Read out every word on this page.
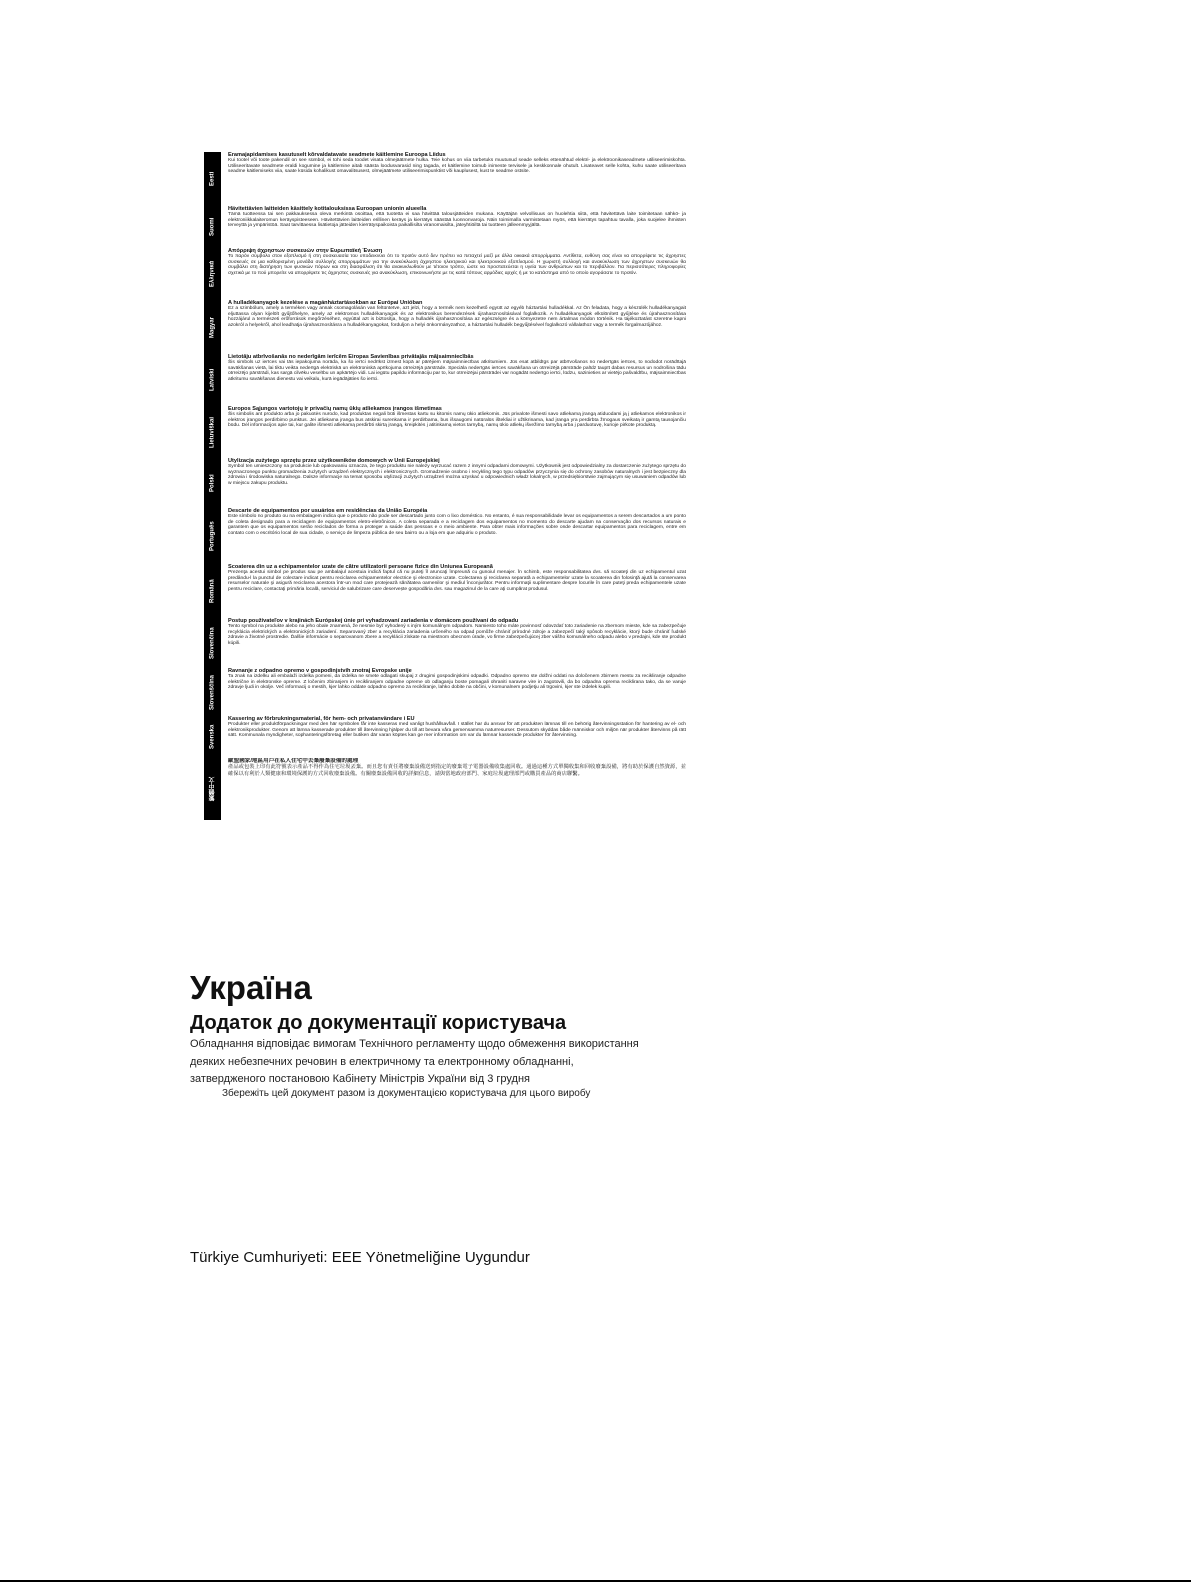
Eesti
Eramajapidamises kasutuselt kõrvaldatavate seadmete käitlemine Euroopa Liidus
Kui tootel või toote pakendil on see sümbol, ei tohi seda toodet visata olmejäätmete hulka. Teie kohus on viia tarbetuks muutunud seade selleks ettenähtud elektri- ja elektroonikaseadmete utiliseerimiskohta. Utiliseeritavate seadmete eraldi kogumine ja käitlemine aitab säästa loodusvarasid ning tagada, et käitlemine toimub inimeste tervisele ja keskkonnale ohutult. Lisateavet selle kohta, kuhu saate utiliseeritava seadme käitlemiseks viia, saate küsida kohalikust omavalitsusest, olmejäätmete utiliseerimispunktist või kauplusest, kust te seadme ostsite.
Suomi
Hävitettävien laitteiden käsittely kotitalouksissa Euroopan unionin alueella
Tämä tuotteessa tai sen pakkauksessa oleva merkintä osoittaa, että tuotetta ei saa hävittää talousjätteiden mukana. Käyttäjän velvollisuus on huolehtia siitä, että hävitettävä laite toimitetaan sähkö- ja elektroniikkalaiteromun keräyspisteeseen. Hävitettävien laitteiden erillinen keräys ja kierrätys säästää luonnonvaroja. Näin toimimalla varmistetaan myös, että kierrätys tapahtuu tavalla, joka suojelee ihmisten terveyttä ja ympäristöä. Saat tarvittaessa lisätietoja jätteiden kierrätyspaikoista paikallisilta viranomaisilta, jäteyhtiöiltä tai tuotteen jälleenmyyjältä.
Ελληνικά
Απόρριψη άχρηστων συσκευών στην Ευρωπαϊκή Ένωση
Το παρόν σύμβολο στον εξοπλισμό ή στη συσκευασία του υποδεικνύει ότι το προϊόν αυτό δεν πρέπει να πεταχτεί μαζί με άλλα οικιακά απορρίμματα. Αντίθετα, ευθύνη σας είναι να απορρίψετε τις άχρηστες συσκευές σε μια καθορισμένη μονάδα συλλογής απορριμμάτων για την ανακύκλωση άχρηστου ηλεκτρικού και ηλεκτρονικού εξοπλισμού. Η χωριστή συλλογή και ανακύκλωση των άχρηστων συσκευών θα συμβάλει στη διατήρηση των φυσικών πόρων και στη διασφάλιση ότι θα ανακυκλωθούν με τέτοιον τρόπο, ώστε να προστατεύεται η υγεία των ανθρώπων και το περιβάλλον. Για περισσότερες πληροφορίες σχετικά με το πού μπορείτε να απορρίψετε τις άχρηστες συσκευές για ανακύκλωση, επικοινωνήστε με τις κατά τόπους αρμόδιες αρχές ή με το κατάστημα από το οποίο αγοράσατε το προϊόν.
Magyar
A hulladékanyagok kezelése a magánháztartásokban az Európai Unióban
Ez a szimbólum, amely a terméken vagy annak csomagolásán van feltüntetve, azt jelzi, hogy a termék nem kezelhető együtt az egyéb háztartási hulladékkal. Az Ön feladata, hogy a készülék hulladékanyagait eljuttassa olyan kijelölt gyűjtőhelyre, amely az elektromos hulladékanyagok és az elektronikus berendezések újrahasznosításával foglalkozik. A hulladékanyagok elkülönített gyűjtése és újrahasznosítása hozzájárul a természeti erőforrások megőrzéséhez, egyúttal azt is biztosítja, hogy a hulladék újrahasznosítása az egészségre és a környezetre nem ártalmas módon történik. Ha tájékoztatást szeretne kapni azokról a helyekről, ahol leadhatja újrahasznosításra a hulladékanyagokat, forduljon a helyi önkormányzathoz, a háztartási hulladék begyűjtésével foglalkozó vállalathoz vagy a termék forgalmazójához.
Latviski
Lietotāju atbrīvošanās no nederīgām ierīcēm Eiropas Savienības privātajās mājsaimniecībās
Šis simbols uz ierīces vai tās iepakojuma norāda, ka šo ierīci nedrīkst izmest kopā ar pārējiem mājsaimniecības atkritumiem. Jūs esat atbildīgs par atbrīvošanos no nederīgās ierīces, to nododot norādītajā savākšanas vietā, lai tiktu veikta nederīgā elektriskā un elektroniskā aprīkojuma otrreizējā pārstrāde. Speciāla nederīgās ierīces savākšana un otrreizējā pārstrāde palīdz taupīt dabas resursus un nodrošina tādu otrreizējo pārstrādi, kas sargā cilvēku veselību un apkārtējo vidi. Lai iegūtu papildu informāciju par to, kur otrreizējai pārstrādei var nogādāt nederīgo ierīci, lūdzu, sazinieties ar vietējo pašvaldību, mājsaimniecības atkritumu savākšanas dienestu vai veikalu, kurā iegādājāties šo ierīci.
Lietuviškai
Europos Sąjungos vartotojų ir privačių namų ūkių atliekamos įrangos išmetimas
Šis simbolis ant produkto arba jo pakuotės nurodo, kad produktas negali būti išmestas kartu su kitomis namų ūkio atliekomis. Jūs privalote išmesti savo atliekamą įrangą atiduodami ją į atliekamos elektronikos ir elektros įrangos perdirbimo punktus. Jei atliekama įranga bus atskirai surenkama ir perdirbama, bus išsaugomi natūralūs ištekliai ir užtikrinama, kad įranga yra perdirbta žmogaus sveikatą ir gamtą tausojančiu būdu. Dėl informacijos apie tai, kur galite išmesti atliekamą perdirbti skirtą įrangą, kreipkitės į atitinkamą vietos tarnybą, namų ūkio atliekų išvežimo tarnybą arba į parduotuvę, kurioje pirkote produktą.
Polski
Utylizacja zużytego sprzętu przez użytkowników domowych w Unii Europejskiej
Symbol ten umieszczony na produkcie lub opakowaniu oznacza, że tego produktu nie należy wyrzucać razem z innymi odpadami domowymi. Użytkownik jest odpowiedzialny za dostarczenie zużytego sprzętu do wyznaczonego punktu gromadzenia zużytych urządzeń elektrycznych i elektronicznych. Gromadzenie osobno i recykling tego typu odpadów przyczynia się do ochrony zasobów naturalnych i jest bezpieczny dla zdrowia i środowiska naturalnego. Dalsze informacje na temat sposobu utylizacji zużytych urządzeń można uzyskać u odpowiednich władz lokalnych, w przedsiębiorstwie zajmującym się usuwaniem odpadów lub w miejscu zakupu produktu.
Português
Descarte de equipamentos por usuários em residências da União Européia
Este símbolo no produto ou na embalagem indica que o produto não pode ser descartado junto com o lixo doméstico. No entanto, é sua responsabilidade levar os equipamentos a serem descartados a um ponto de coleta designado para a reciclagem de equipamentos eletro-eletrônicos. A coleta separada e a reciclagem dos equipamentos no momento do descarte ajudam na conservação dos recursos naturais e garantem que os equipamentos serão reciclados de forma a proteger a saúde das pessoas e o meio ambiente. Para obter mais informações sobre onde descartar equipamentos para reciclagem, entre em contato com o escritório local de sua cidade, o serviço de limpeza pública de seu bairro ou a loja em que adquiriu o produto.
Română
Scoaterea din uz a echipamentelor uzate de către utilizatorii persoane fizice din Uniunea Europeană
Prezenţa acestui simbol pe produs sau pe ambalajul acestuia indică faptul că nu puteţi îl aruncaţi împreună cu gunoiul menajer. În schimb, este responsabilitatea dvs. să scoateţi din uz echipamentul uzat predându-l la punctul de colectare indicat pentru reciclarea echipamentelor electrice şi electronice uzate. Colectarea şi reciclarea separată a echipamentelor uzate la scoaterea din folosinţă ajută la conservarea resurselor naturale şi asigură reciclarea acestora într-un mod care protejează sănătatea oamenilor şi mediul înconjurător. Pentru informaţii suplimentare despre locurile în care puteţi preda echipamentele uzate pentru reciclare, contactaţi primăria locală, serviciul de salubrizare care deservește gospodăria dvs. sau magazinul de la care aţi cumpărat produsul.
Slovenčina
Postup používateľov v krajinách Európskej únie pri vyhadzovaní zariadenia v domácom používaní do odpadu
Tento symbol na produkte alebo na jeho obale znamená, že nesmie byť vyhodený s iným komunálnym odpadom. Namiesto toho máte povinnosť odovzdať toto zariadenie na zbernom mieste, kde sa zabezpečuje recyklácia elektrických a elektronických zariadení. Separovaný zber a recyklácia zariadenia určeného na odpad pomôže chrániť prírodné zdroje a zabezpečí taký spôsob recyklácie, ktorý bude chrániť ľudské zdravie a životné prostredie. Ďalšie informácie o separovanom zbere a recyklácii získate na miestnom obecnom úrade, vo firme zabezpečujúcej zber vášho komunálneho odpadu alebo v predajni, kde ste produkt kúpili.
Slovenščina
Ravnanje z odpadno opremo v gospodinjstvih znotraj Evropske unije
Ta znak na izdelku ali embalaži izdelka pomeni, da izdelka ne smete odlagati skupaj z drugimi gospodinjskimi odpadki. Odpadno opremo ste dolžni oddati na določenem zbirnem mestu za recikliranje odpadne električne in elektronske opreme. Z ločenim zbiranjem in recikliranjem odpadne opreme ob odlaganju boste pomagali ohraniti naravne vire in zagotovili, da bo odpadna oprema reciklirana tako, da se varuje zdravje ljudi in okolje. Več informacij o mestih, kjer lahko oddate odpadno opremo za recikliranje, lahko dobite na občini, v komunalnem podjetju ali trgovini, kjer ste izdelek kupili.
Svenska
Kassering av förbrukningsmaterial, för hem- och privatanvändare i EU
Produkter eller produktförpackningar med den här symbolen får inte kasseras med vanligt hushållsavfall. I stället har du ansvar för att produkten lämnas till en behörig återvinningsstation för hantering av el- och elektronikprodukter. Genom att lämna kasserade produkter till återvinning hjälper du till att bevara våra gemensamma naturresurser. Dessutom skyddas både människor och miljön när produkter återvinns på rätt sätt. Kommunala myndigheter, sophanteringsföretag eller butiken där varan köptes kan ge mer information om var du lämnar kasserade produkter för återvinning.
繁體中文
歐盟國家/地區用戶在私人住宅中丟棄廢棄設備的處理
產品或包裝上印有此符號表示產品不得作為住宅垃圾丟棄。而且您有責任將廢棄設備送到指定的廢棄電子電器設備收集處回收。通過這種方式單獨收集和回收廢棄設備，將有助於保護自然資源，並確保以有利於人類健康和環境保護的方式回收廢棄設備。有關廢棄設備回收的詳細信息，請與當地政府部門、家庭垃圾處理部門或購買產品的商店聯繫。
Україна
Додаток до документації користувача

Обладнання відповідає вимогам Технічного регламенту щодо обмеження використання деяких небезпечних речовин в електричному та електронному обладнанні, затвердженого постановою Кабінету Міністрів України від 3 грудня

Збережіть цей документ разом із документацією користувача для цього виробу

Türkiye Cumhuriyeti: EEE Yönetmeliğine Uygundur
